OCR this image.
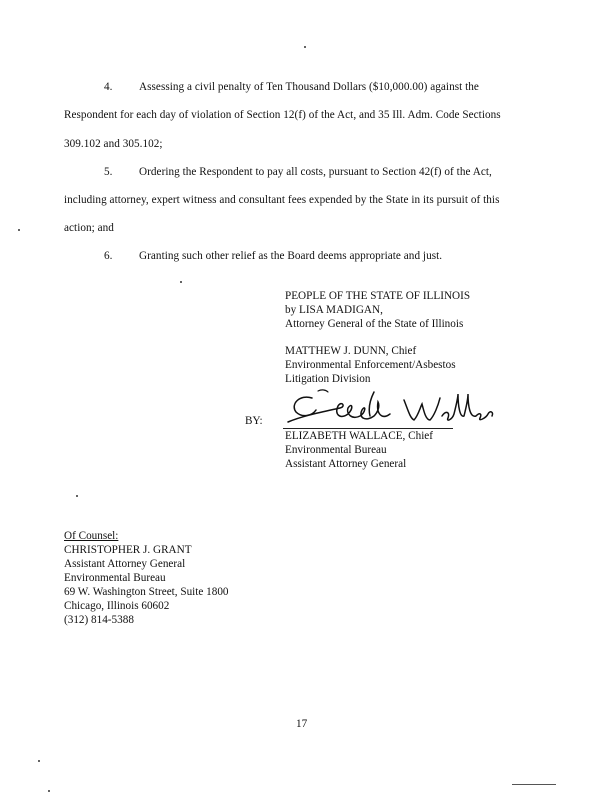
4. Assessing a civil penalty of Ten Thousand Dollars ($10,000.00) against the
Respondent for each day of violation of Section 12(f) of the Act, and 35 Ill. Adm. Code Sections
309.102 and 305.102;
5. Ordering the Respondent to pay all costs, pursuant to Section 42(f) of the Act,
including attorney, expert witness and consultant fees expended by the State in its pursuit of this
action; and
6. Granting such other relief as the Board deems appropriate and just.
PEOPLE OF THE STATE OF ILLINOIS
by LISA MADIGAN,
Attorney General of the State of Illinois
MATTHEW J. DUNN, Chief
Environmental Enforcement/Asbestos
Litigation Division
BY:
ELIZABETH WALLACE, Chief
Environmental Bureau
Assistant Attorney General
Of Counsel:
CHRISTOPHER J. GRANT
Assistant Attorney General
Environmental Bureau
69 W. Washington Street, Suite 1800
Chicago, Illinois 60602
(312) 814-5388
17
